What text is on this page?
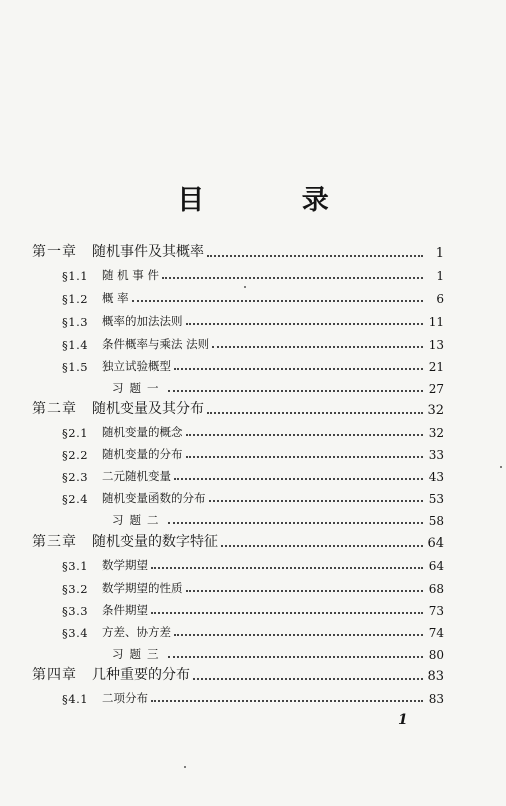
目 录
第一章	随机事件及其概率	1
§1.1	随 机 事 件	1
§1.2	概 率	6
§1.3	概率的加法法则	11
§1.4	条件概率与乘法 法则	13
§1.5	独立试验概型	21
习题一	27
第二章	随机变量及其分布	32
§2.1	随机变量的概念	32
§2.2	随机变量的分布	33
§2.3	二元随机变量	43
§2.4	随机变量函数的分布	53
习题二	58
第三章	随机变量的数字特征	64
§3.1	数学期望	64
§3.2	数学期望的性质	68
§3.3	条件期望	73
§3.4	方差、协方差	74
习题三	80
第四章	几种重要的分布	83
§4.1	二项分布	83
1
